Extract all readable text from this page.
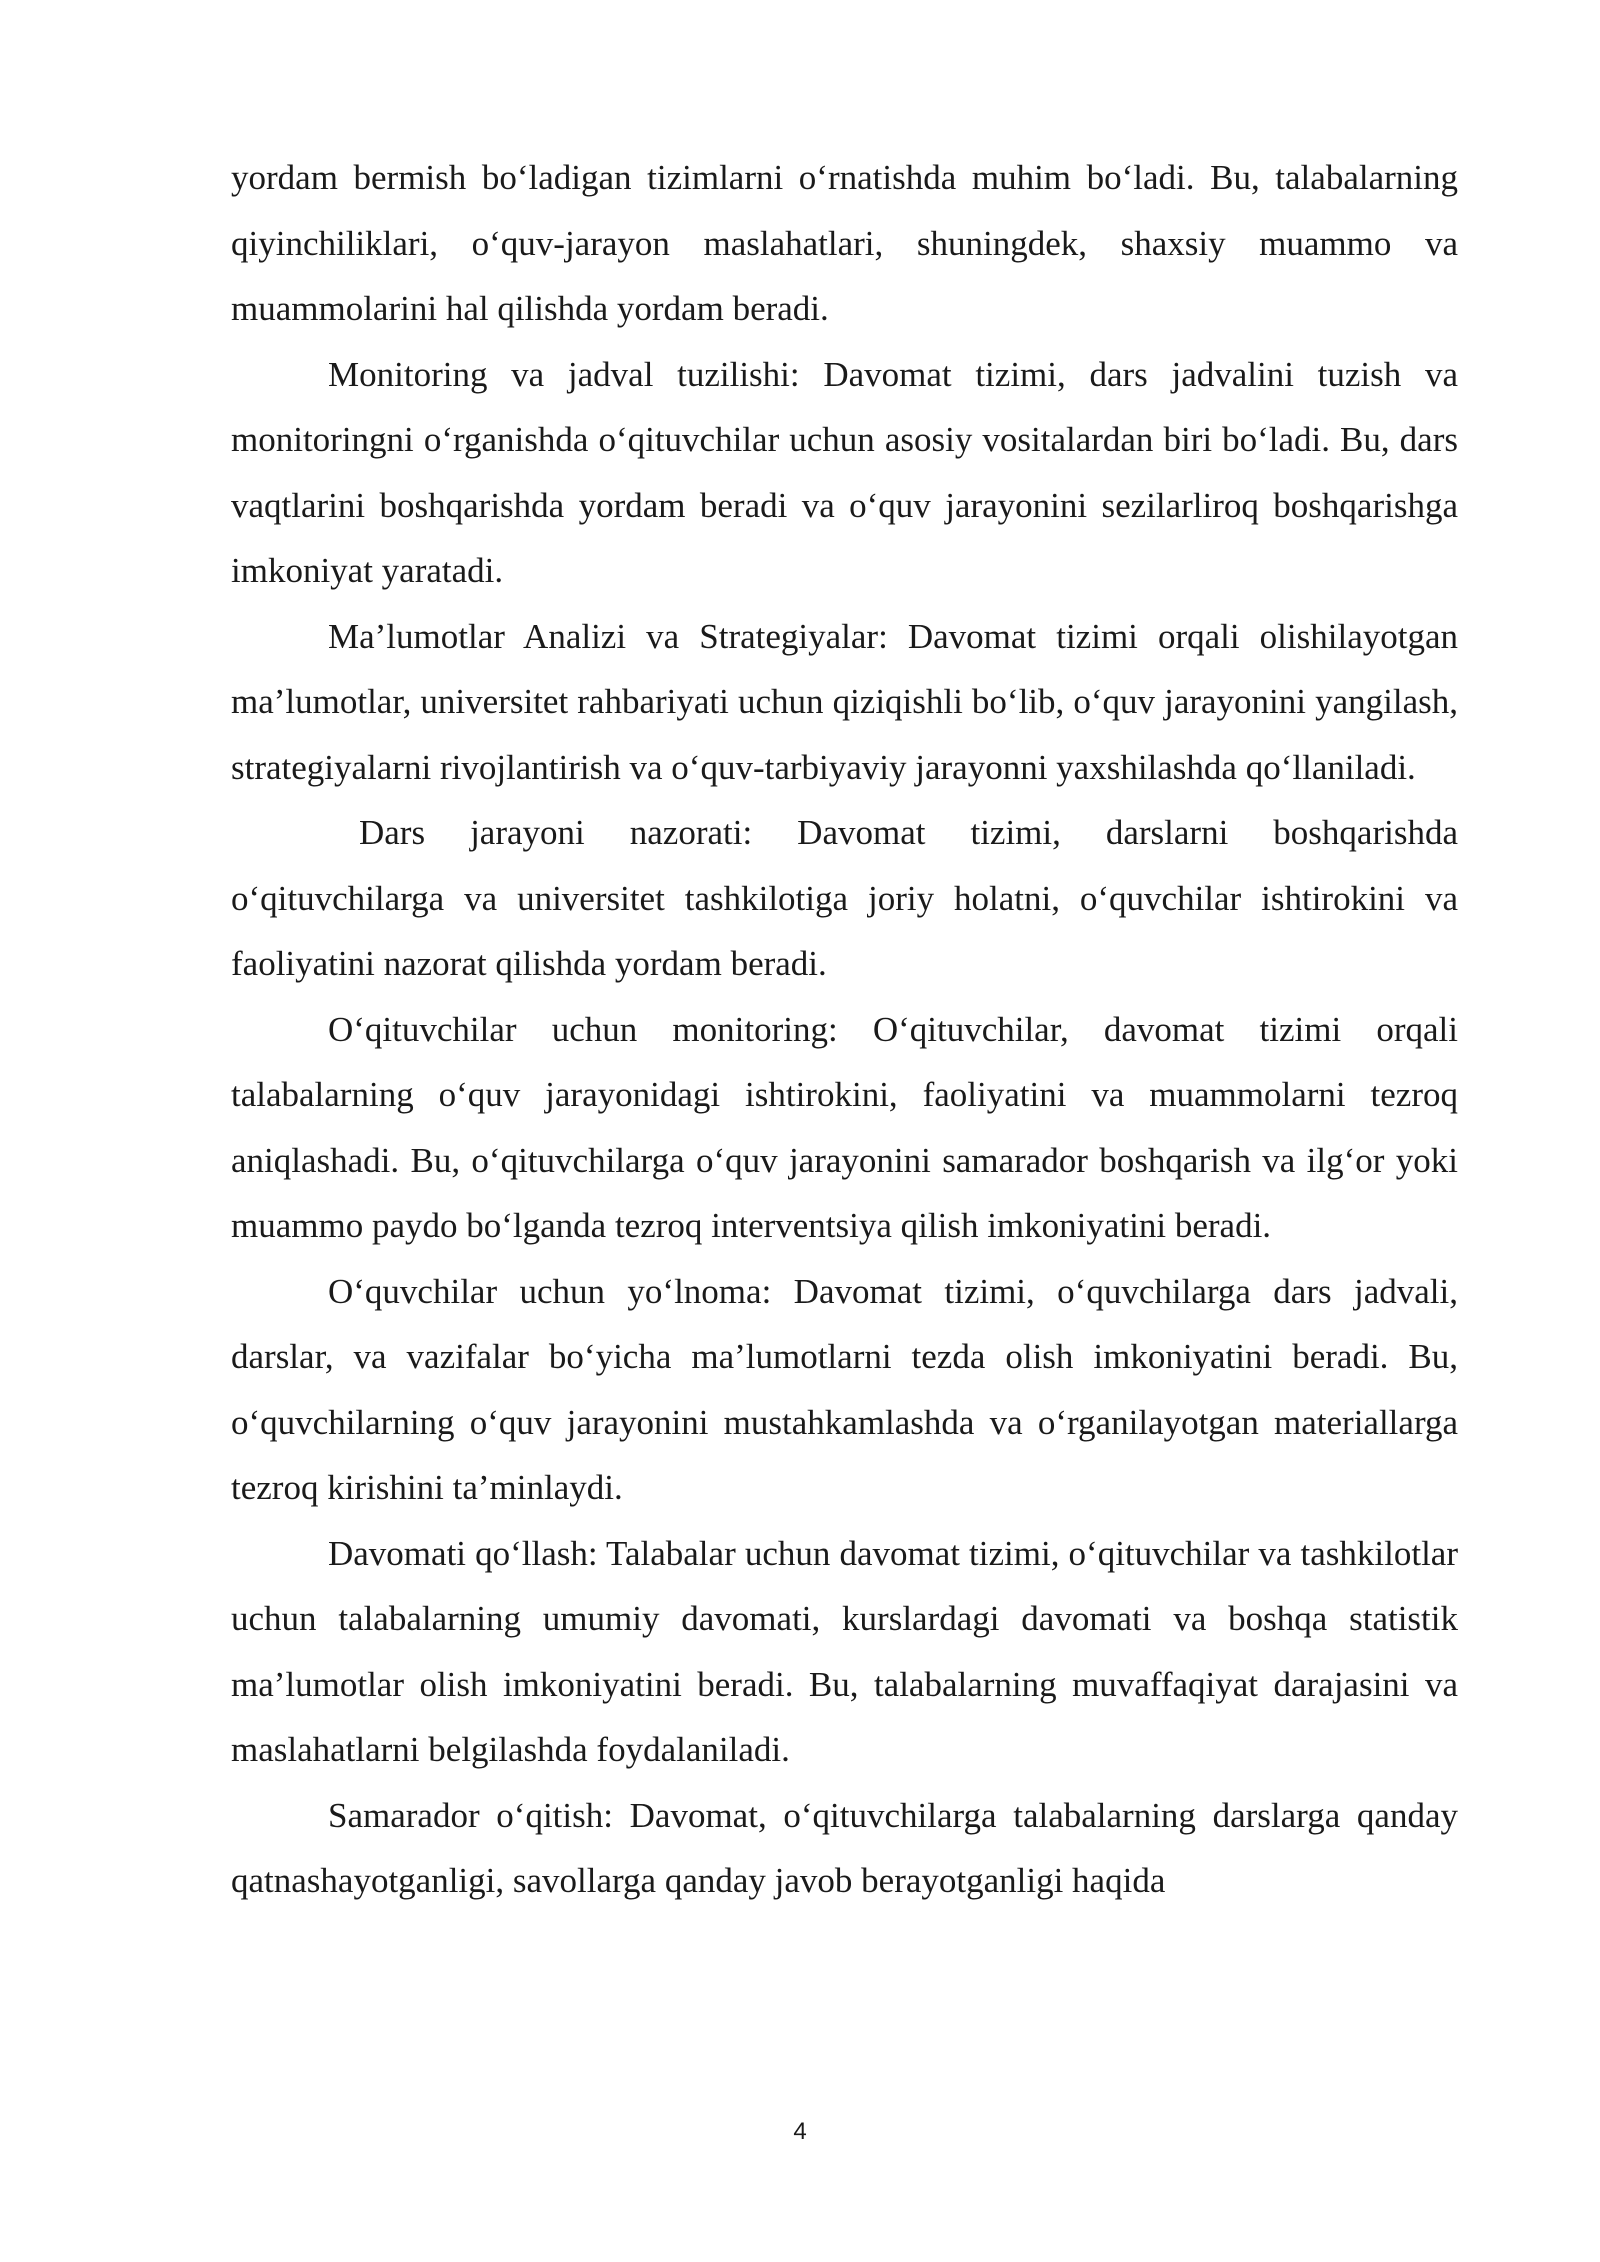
yordam bermish bo‘ladigan tizimlarni o‘rnatishda muhim bo‘ladi. Bu, talabalarning qiyinchiliklari, o‘quv-jarayon maslahatlari, shuningdek, shaxsiy muammo va muammolarini hal qilishda yordam beradi.

Monitoring va jadval tuzilishi: Davomat tizimi, dars jadvalini tuzish va monitoringni o‘rganishda o‘qituvchilar uchun asosiy vositalardan biri bo‘ladi. Bu, dars vaqtlarini boshqarishda yordam beradi va o‘quv jarayonini sezilarliroq boshqarishga imkoniyat yaratadi.

Ma’lumotlar Analizi va Strategiyalar: Davomat tizimi orqali olishilayotgan ma’lumotlar, universitet rahbariyati uchun qiziqishli bo‘lib, o‘quv jarayonini yangilash, strategiyalarni rivojlantirish va o‘quv-tarbiyaviy jarayonni yaxshilashda qo‘llaniladi.

Dars jarayoni nazorati: Davomat tizimi, darslarni boshqarishda o‘qituvchilarga va universitet tashkilotiga joriy holatni, o‘quvchilar ishtirokini va faoliyatini nazorat qilishda yordam beradi.

O‘qituvchilar uchun monitoring: O‘qituvchilar, davomat tizimi orqali talabalarning o‘quv jarayonidagi ishtirokini, faoliyatini va muammolarni tezroq aniqlashadi. Bu, o‘qituvchilarga o‘quv jarayonini samarador boshqarish va ilg‘or yoki muammo paydo bo‘lganda tezroq interventsiya qilish imkoniyatini beradi.

O‘quvchilar uchun yo‘lnoma: Davomat tizimi, o‘quvchilarga dars jadvali, darslar, va vazifalar bo‘yicha ma’lumotlarni tezda olish imkoniyatini beradi. Bu, o‘quvchilarning o‘quv jarayonini mustahkamlashda va o‘rganilayotgan materiallarga tezroq kirishini ta’minlaydi.

Davomati qo‘llash: Talabalar uchun davomat tizimi, o‘qituvchilar va tashkilotlar uchun talabalarning umumiy davomati, kurslardagi davomati va boshqa statistik ma’lumotlar olish imkoniyatini beradi. Bu, talabalarning muvaffaqiyat darajasini va maslahatlarni belgilashda foydalaniladi.

Samarador o‘qitish: Davomat, o‘qituvchilarga talabalarning darslarga qanday qatnashayotganligi, savollarga qanday javob berayotganligi haqida

4
